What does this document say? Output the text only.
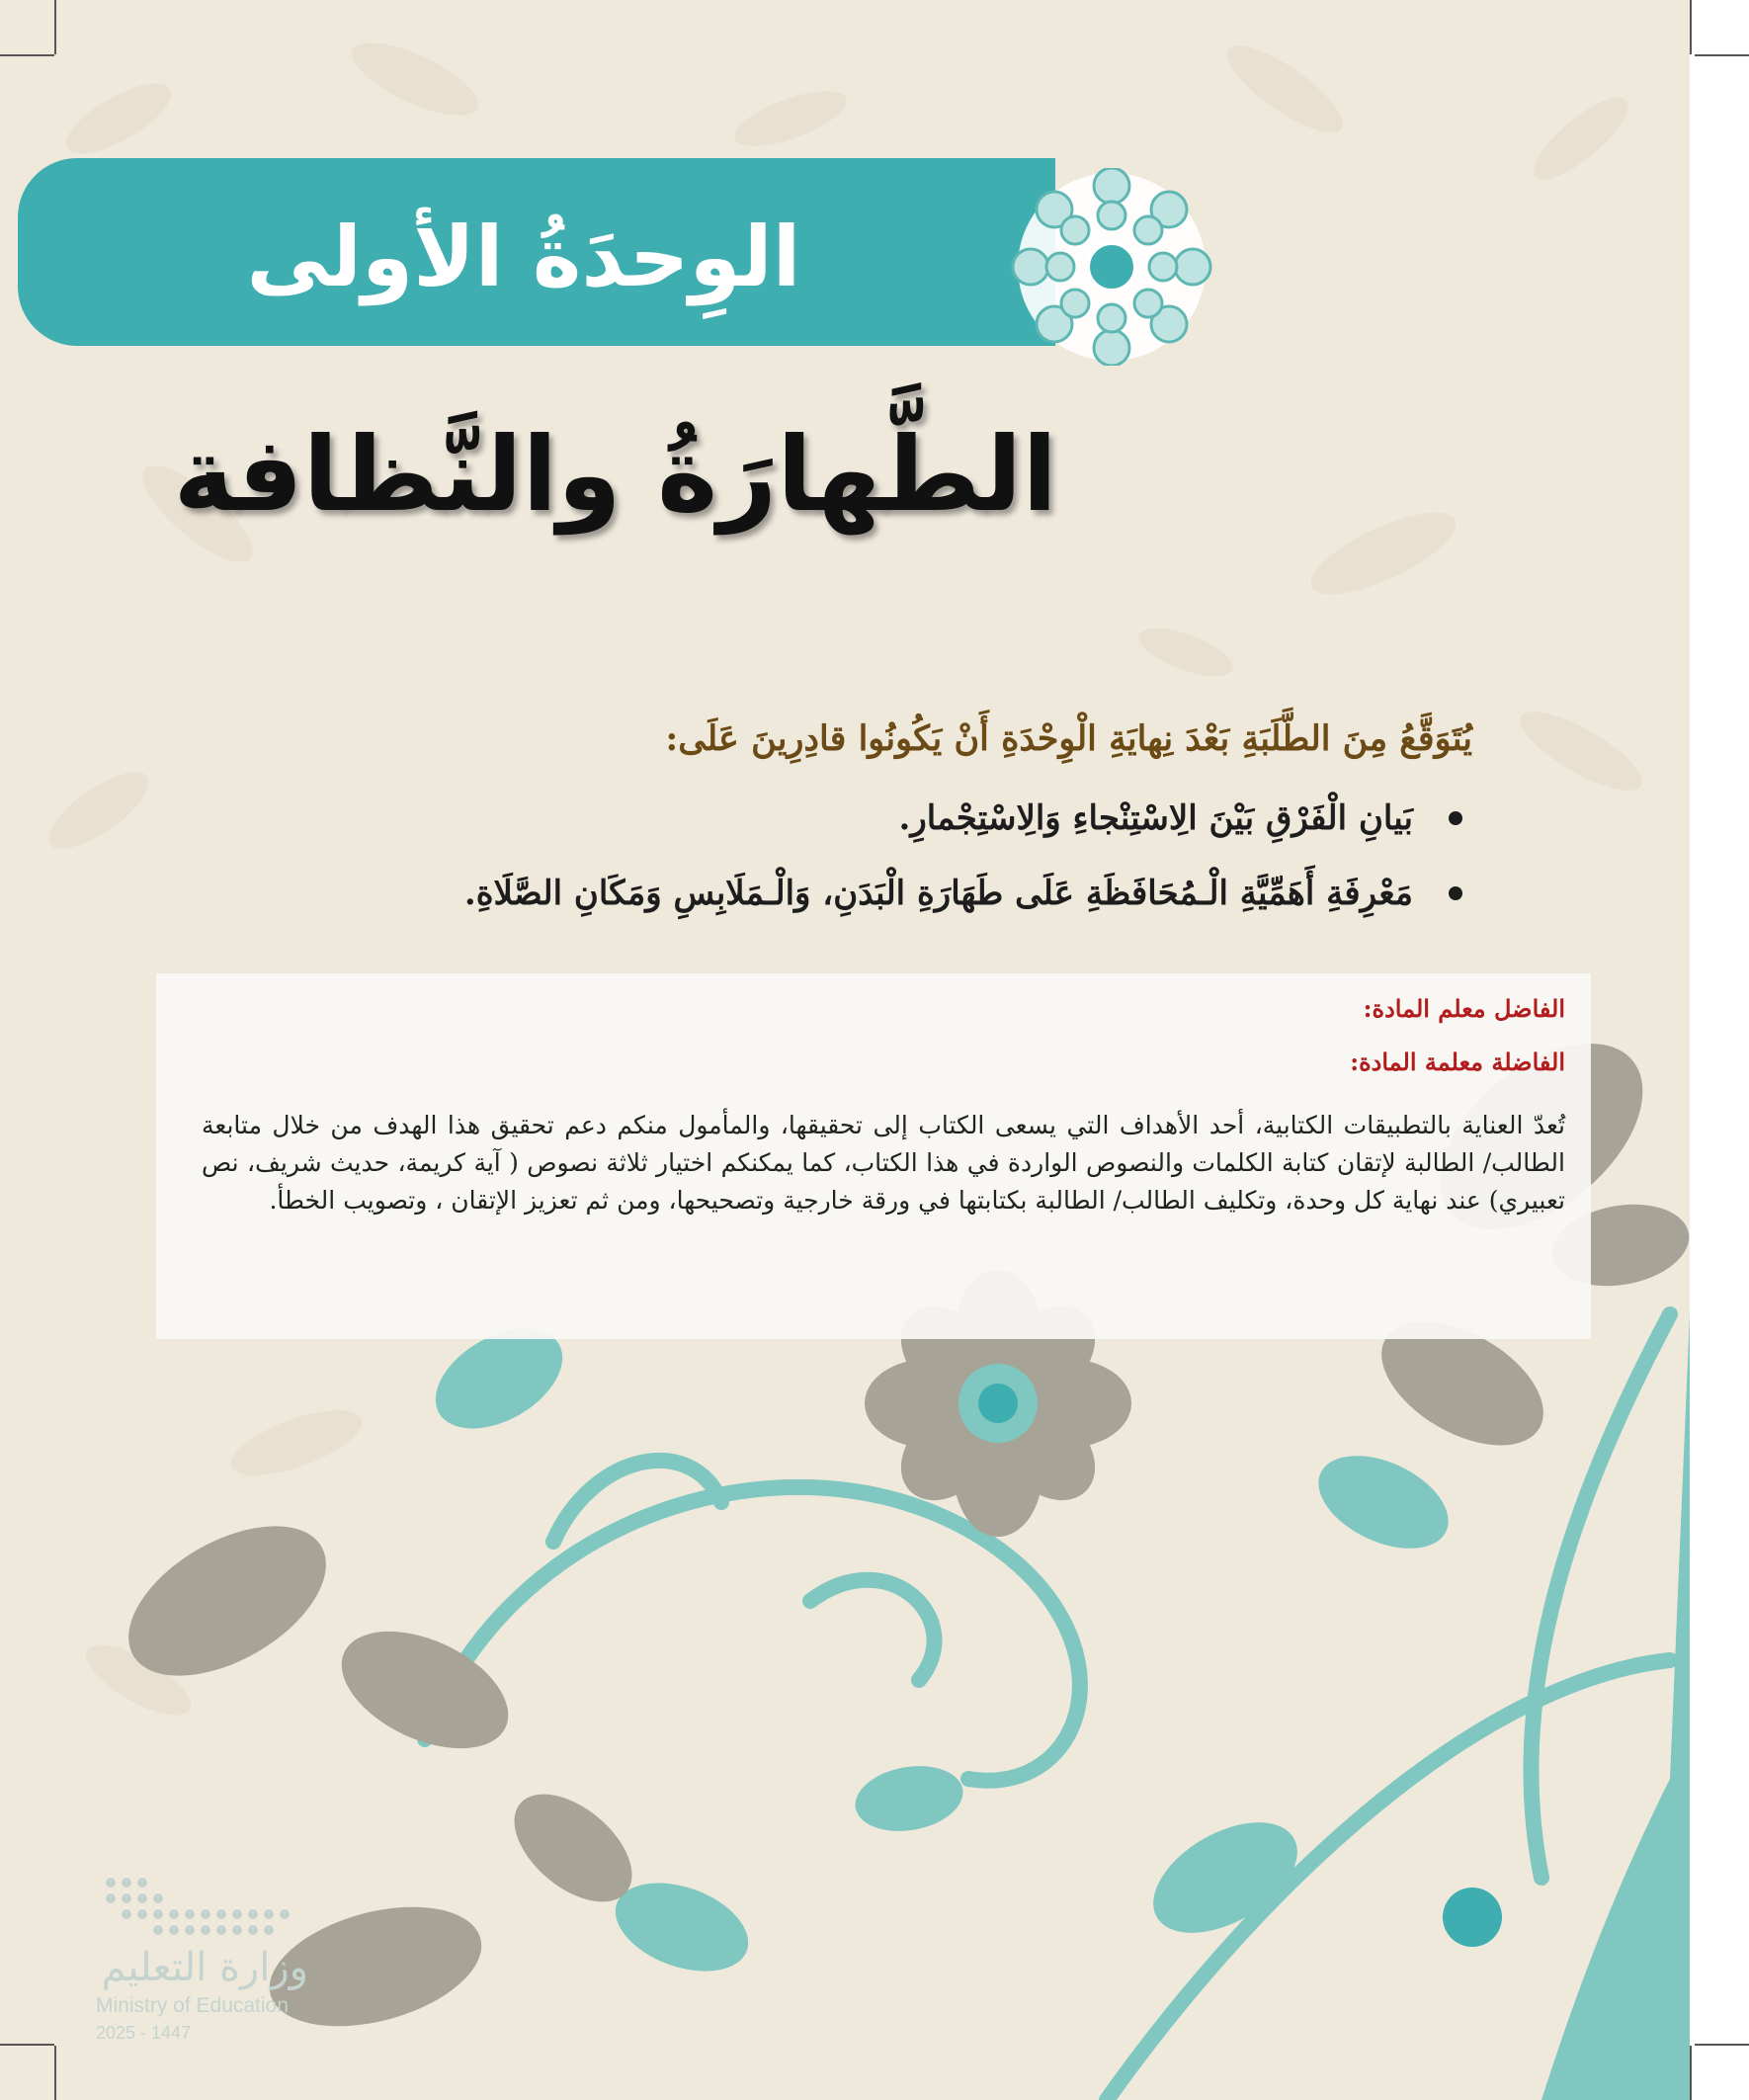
الوِحدَةُ الأولى
الطَّهارَةُ والنَّظافة
يُتَوَقَّعُ مِنَ الطَّلَبَةِ بَعْدَ نِهايَةِ الْوِحْدَةِ أَنْ يَكُونُوا قادِرِينَ عَلَى:
بَيانِ الْفَرْقِ بَيْنَ الِاسْتِنْجاءِ وَالِاسْتِجْمارِ.
مَعْرِفَةِ أَهَمِّيَّةِ الْـمُحَافَظَةِ عَلَى طَهَارَةِ الْبَدَنِ، وَالْـمَلَابِسِ وَمَكَانِ الصَّلَاةِ.
الفاضل معلم المادة:
الفاضلة معلمة المادة:
تُعدّ العناية بالتطبيقات الكتابية، أحد الأهداف التي يسعى الكتاب إلى تحقيقها، والمأمول منكم دعم تحقيق هذا الهدف من خلال متابعة الطالب/ الطالبة لإتقان كتابة الكلمات والنصوص الواردة في هذا الكتاب، كما يمكنكم اختيار ثلاثة نصوص ( آية كريمة، حديث شريف، نص تعبيري) عند نهاية كل وحدة، وتكليف الطالب/ الطالبة بكتابتها في ورقة خارجية وتصحيحها، ومن ثم تعزيز الإتقان ، وتصويب الخطأ.
وزارة التعليم
Ministry of Education
2025 - 1447
